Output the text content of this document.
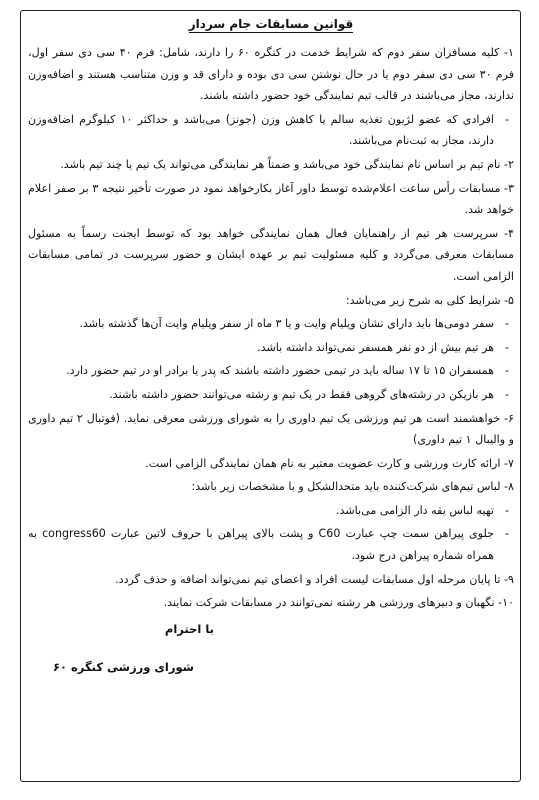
قوانین مسابقات جام سردار

۱- کلیه مسافران سفر دوم که شرایط خدمت در کنگره ۶۰ را دارند، شامل: فرم ۴۰ سی دی سفر اول، فرم ۳۰ سی دی سفر دوم یا در حال نوشتن سی دی بوده و دارای قد و وزن متناسب هستند و اضافه‌وزن ندارند، مجاز می‌باشند در قالب تیم نمایندگی خود حضور داشته باشند.

-
افرادی که عضو لژیون تغذیه سالم یا کاهش وزن (جونز) می‌باشد و حداکثر ۱۰ کیلوگرم اضافه‌وزن دارند، مجاز به ثبت‌نام می‌باشند.

۲- نام تیم بر اساس نام نمایندگی خود می‌باشد و ضمناً هر نمایندگی می‌تواند یک تیم یا چند تیم باشد.

۳- مسابقات رأس ساعت اعلام‌شده توسط داور آغاز بکارخواهد نمود در صورت تأخیر نتیجه ۳ بر صفر اعلام خواهد شد.

۴- سرپرست هر تیم از راهنمایان فعال همان نمایندگی خواهد بود که توسط ایجنت رسماً به مسئول مسابقات معرفی می‌گردد و کلیه مسئولیت تیم بر عهده ایشان و حضور سرپرست در تمامی مسابقات الزامی است.

۵- شرایط کلی به شرح زیر می‌باشد:

-
سفر دومی‌ها باید دارای نشان ویلیام وایت و یا ۳ ماه از سفر ویلیام وایت آن‌ها گذشته باشد.

-
هر تیم بیش از دو نفر همسفر نمی‌تواند داشته باشد.

-
همسفران ۱۵ تا ۱۷ ساله باید در تیمی حضور داشته باشند که پدر یا برادر او در تیم حضور دارد.

-
هر بازیکن در رشته‌های گروهی فقط در یک تیم و رشته می‌توانند حضور داشته باشند.

۶- خواهشمند است هر تیم ورزشی یک تیم داوری را به شورای ورزشی معرفی نماید. (فوتبال ۲ تیم داوری و والیبال ۱ تیم داوری)

۷- ارائه کارت ورزشی و کارت عضویت معتبر به نام همان نمایندگی الزامی است.

۸- لباس تیم‌های شرکت‌کننده باید متحدالشکل و با مشخصات زیر باشد:

-
تهیه لباس یقه دار الزامی می‌باشد.

-
جلوی پیراهن سمت چپ عبارت C60 و پشت بالای پیراهن با حروف لاتین عبارت congress60 به همراه شماره پیراهن درج شود.

۹- تا پایان مرحله اول مسابقات لیست افراد و اعضای تیم نمی‌تواند اضافه و حذف گردد.

۱۰- نگهبان و دبیرهای ورزشی هر رشته نمی‌توانند در مسابقات شرکت نمایند.

با احترام
شورای ورزشی کنگره ۶۰
